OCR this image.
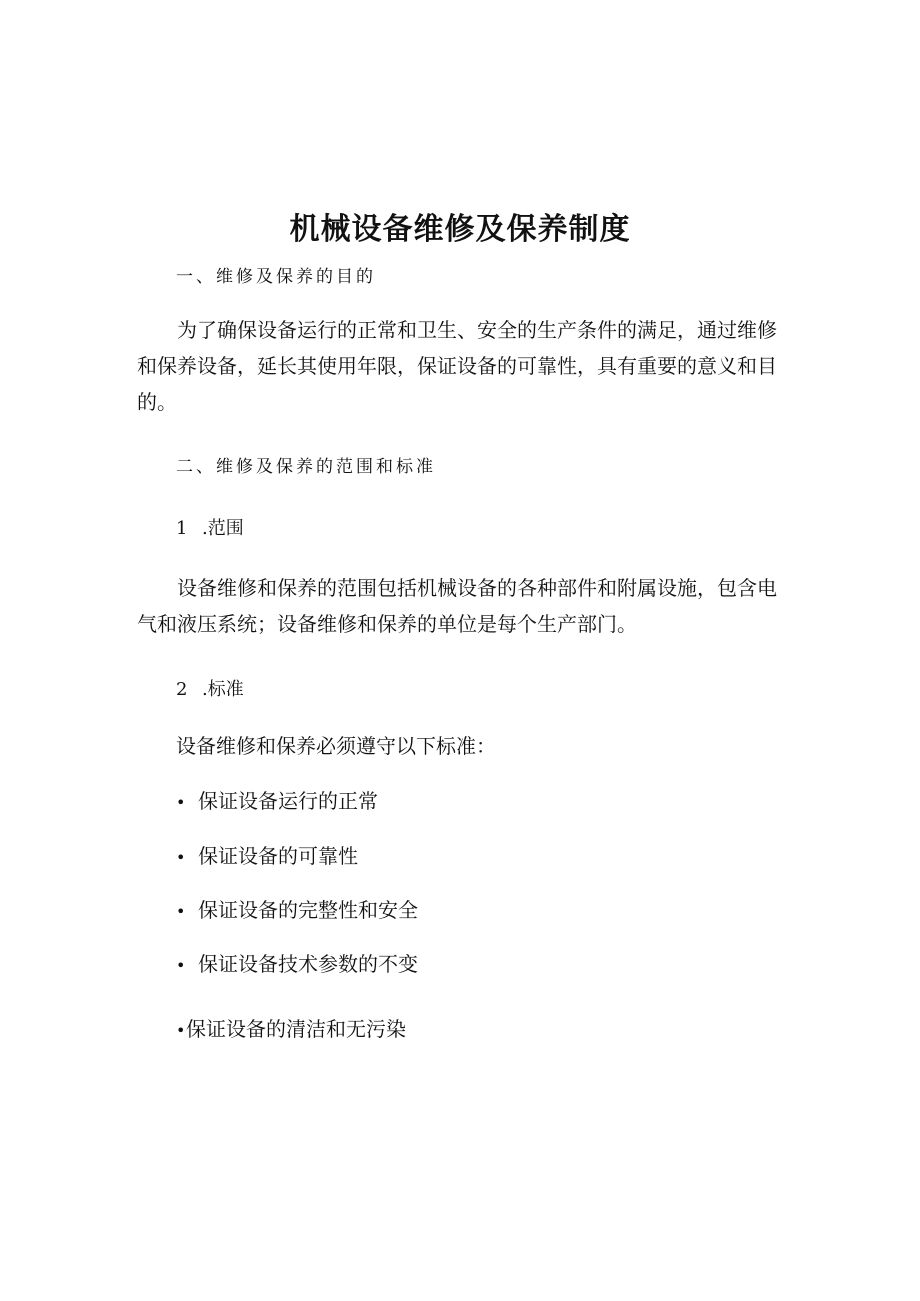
机械设备维修及保养制度
一、维修及保养的目的
为了确保设备运行的正常和卫生、安全的生产条件的满足，通过维修和保养设备，延长其使用年限，保证设备的可靠性，具有重要的意义和目的。
二、维修及保养的范围和标准
1 .范围
设备维修和保养的范围包括机械设备的各种部件和附属设施，包含电气和液压系统；设备维修和保养的单位是每个生产部门。
2 .标准
设备维修和保养必须遵守以下标准：
• 保证设备运行的正常
• 保证设备的可靠性
• 保证设备的完整性和安全
• 保证设备技术参数的不变
•保证设备的清洁和无污染
